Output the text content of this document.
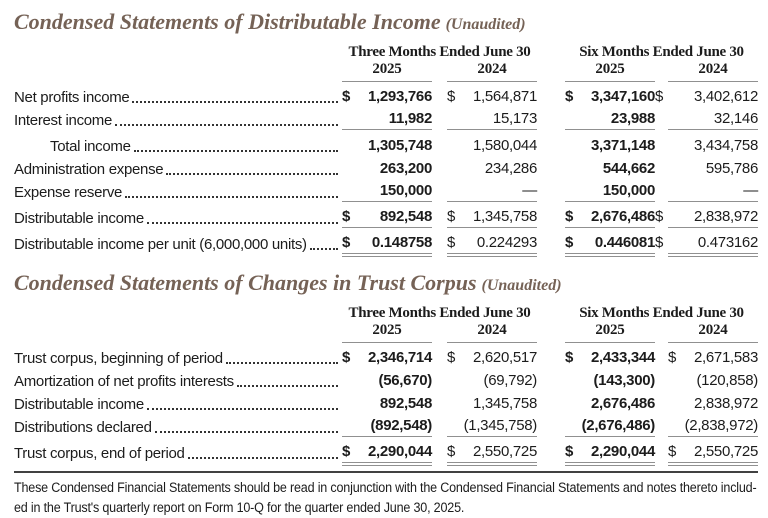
Condensed Statements of Distributable Income (Unaudited)
Three Months Ended June 30	Six Months Ended June 30
2025	2024	2025	2024
Net profits income	$ 1,293,766 $ 1,564,871 $ 3,347,160 $ 3,402,612
Interest income	11,982	15,173	23,988	32,146
Total income	1,305,748	1,580,044	3,371,148	3,434,758
Administration expense	263,200	234,286	544,662	595,786
Expense reserve	150,000	—	150,000	—
Distributable income	$ 892,548 $ 1,345,758 $ 2,676,486 $ 2,838,972
Distributable income per unit (6,000,000 units) $ 0.148758 $ 0.224293 $ 0.446081 $ 0.473162
Condensed Statements of Changes in Trust Corpus (Unaudited)
Three Months Ended June 30	Six Months Ended June 30
2025	2024	2025	2024
Trust corpus, beginning of period	$ 2,346,714 $ 2,620,517 $ 2,433,344 $ 2,671,583
Amortization of net profits interests	(56,670)	(69,792)	(143,300)	(120,858)
Distributable income	892,548	1,345,758	2,676,486	2,838,972
Distributions declared	(892,548) (1,345,758)	(2,676,486) (2,838,972)
Trust corpus, end of period	$ 2,290,044 $ 2,550,725 $ 2,290,044 $ 2,550,725
These Condensed Financial Statements should be read in conjunction with the Condensed Financial Statements and notes thereto includ-
ed in the Trust's quarterly report on Form 10-Q for the quarter ended June 30, 2025.
